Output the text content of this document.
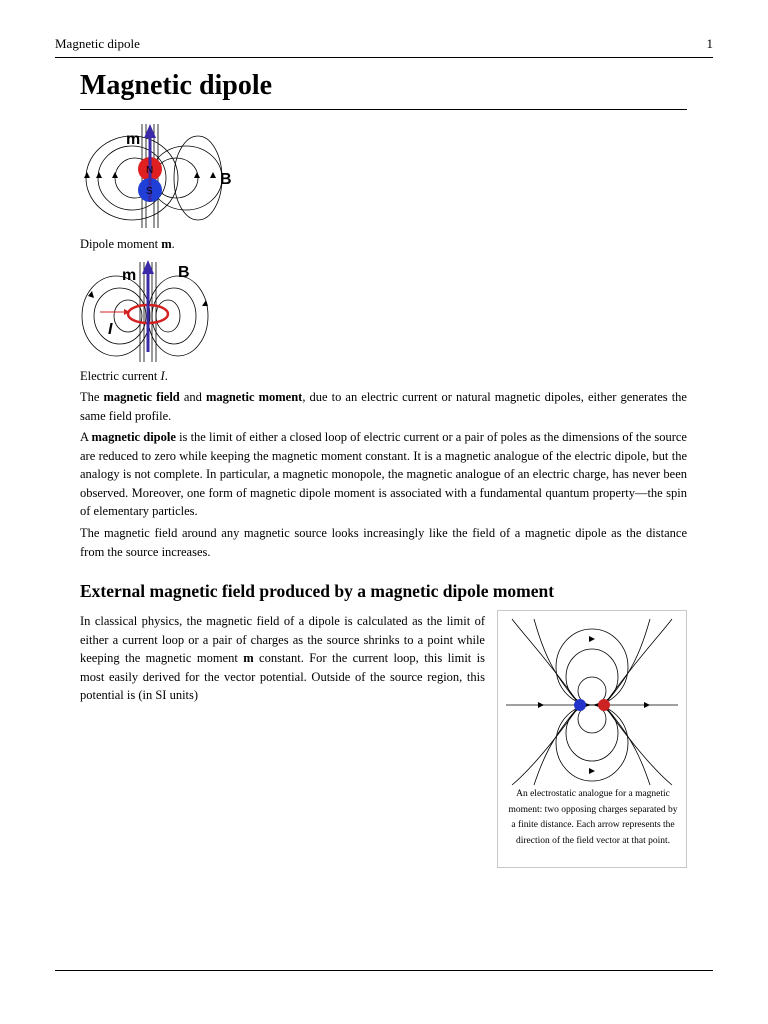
Magnetic dipole	1
Magnetic dipole
N
S
m
B
Dipole moment m.
m	B
I
Electric current I.

The magnetic field and magnetic moment, due to an electric current or natural magnetic dipoles, either generates the same field profile.

A magnetic dipole is the limit of either a closed loop of electric current or a pair of poles as the dimensions of the source are reduced to zero while keeping the magnetic moment constant. It is a magnetic analogue of the electric dipole, but the analogy is not complete. In particular, a magnetic monopole, the magnetic analogue of an electric charge, has never been observed. Moreover, one form of magnetic dipole moment is associated with a fundamental quantum property—the spin of elementary particles.

The magnetic field around any magnetic source looks increasingly like the field of a magnetic dipole as the distance from the source increases.

External magnetic field produced by a magnetic dipole moment

In classical physics, the magnetic field of a dipole is calculated as the limit of either a current loop or a pair of charges as the source shrinks to a point while keeping the magnetic moment m constant. For the current loop, this limit is most easily derived for the vector potential. Outside of the source region, this potential is (in SI units)

An electrostatic analogue for a magnetic moment: two opposing charges separated by a finite distance. Each arrow represents the direction of the field vector at that point.
